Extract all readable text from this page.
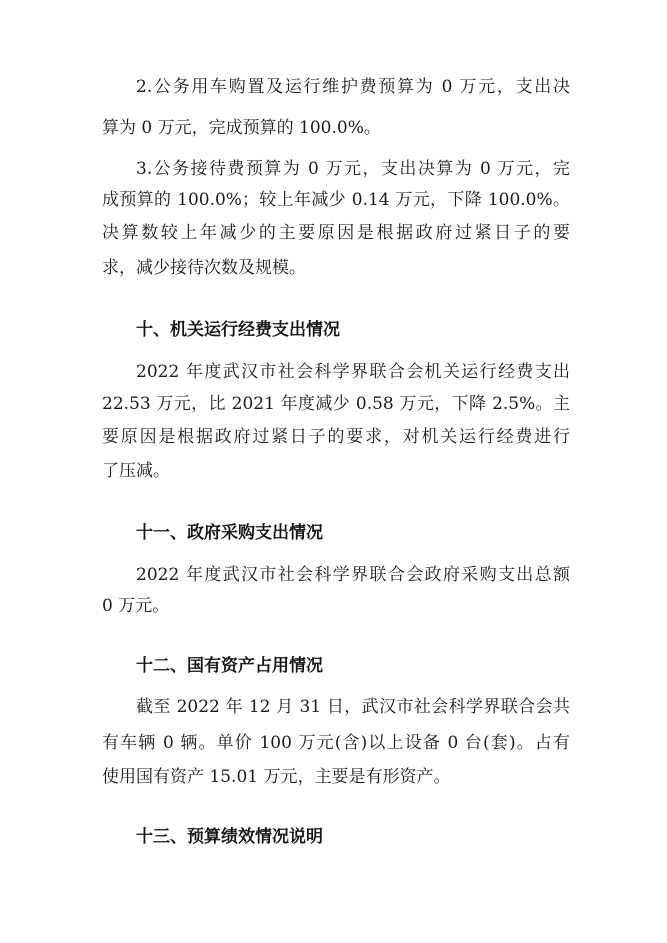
2.公务用车购置及运行维护费预算为 0 万元，支出决
算为 0 万元，完成预算的 100.0%。
3.公务接待费预算为 0 万元，支出决算为 0 万元，完
成预算的 100.0%；较上年减少 0.14 万元，下降 100.0%。
决算数较上年减少的主要原因是根据政府过紧日子的要
求，减少接待次数及规模。
十、机关运行经费支出情况
2022 年度武汉市社会科学界联合会机关运行经费支出
22.53 万元，比 2021 年度减少 0.58 万元，下降 2.5%。主
要原因是根据政府过紧日子的要求，对机关运行经费进行
了压减。
十一、政府采购支出情况
2022 年度武汉市社会科学界联合会政府采购支出总额
0 万元。
十二、国有资产占用情况
截至 2022 年 12 月 31 日，武汉市社会科学界联合会共
有车辆 0 辆。单价 100 万元(含)以上设备 0 台(套)。占有
使用国有资产 15.01 万元，主要是有形资产。
十三、预算绩效情况说明
